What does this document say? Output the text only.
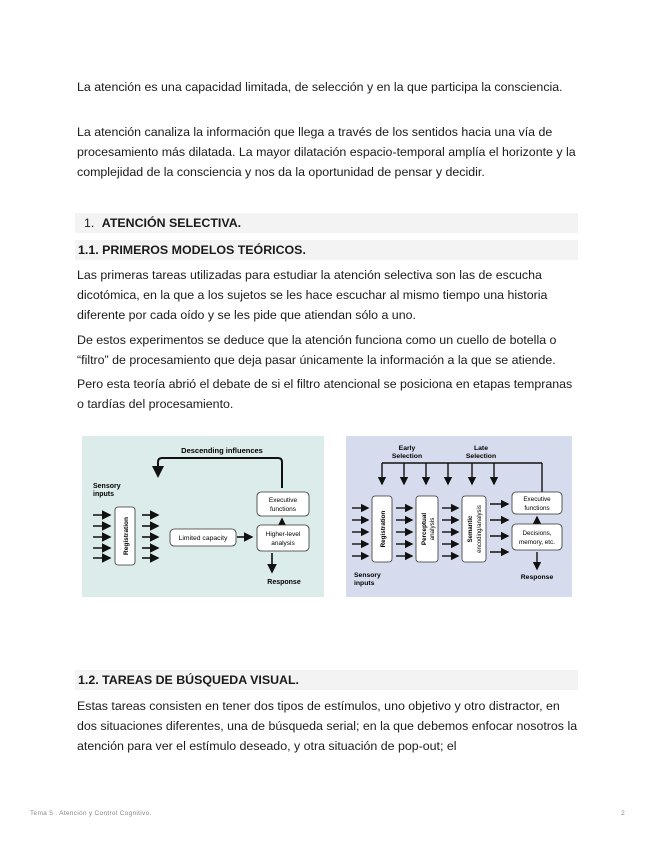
La atención es una capacidad limitada, de selección y en la que participa la consciencia.

La atención canaliza la información que llega a través de los sentidos hacia una vía de procesamiento más dilatada. La mayor dilatación espacio-temporal amplía el horizonte y la complejidad de la consciencia y nos da la oportunidad de pensar y decidir.

1. ATENCIÓN SELECTIVA.
1.1. PRIMEROS MODELOS TEÓRICOS.

Las primeras tareas utilizadas para estudiar la atención selectiva son las de escucha dicotómica, en la que a los sujetos se les hace escuchar al mismo tiempo una historia diferente por cada oído y se les pide que atiendan sólo a uno.

De estos experimentos se deduce que la atención funciona como un cuello de botella o “filtro” de procesamiento que deja pasar únicamente la información a la que se atiende.

Pero esta teoría abrió el debate de si el filtro atencional se posiciona en etapas tempranas o tardías del procesamiento.

Descending influences
Sensory
inputs
Registration	Limited capacity
Executive
functions
Higher-level
analysis
Response
Early
Selection
Late
Selection
Registration	Perceptual analysis	Semantic encoding/analysis
Executive
functions
Decisions,
memory, etc.
Response
Sensory
inputs
1.2. TAREAS DE BÚSQUEDA VISUAL.

Estas tareas consisten en tener dos tipos de estímulos, uno objetivo y otro distractor, en dos situaciones diferentes, una de búsqueda serial; en la que debemos enfocar nosotros la atención para ver el estímulo deseado, y otra situación de pop-out; el

Tema 5 . Atención y Control Cognitivo.	2
